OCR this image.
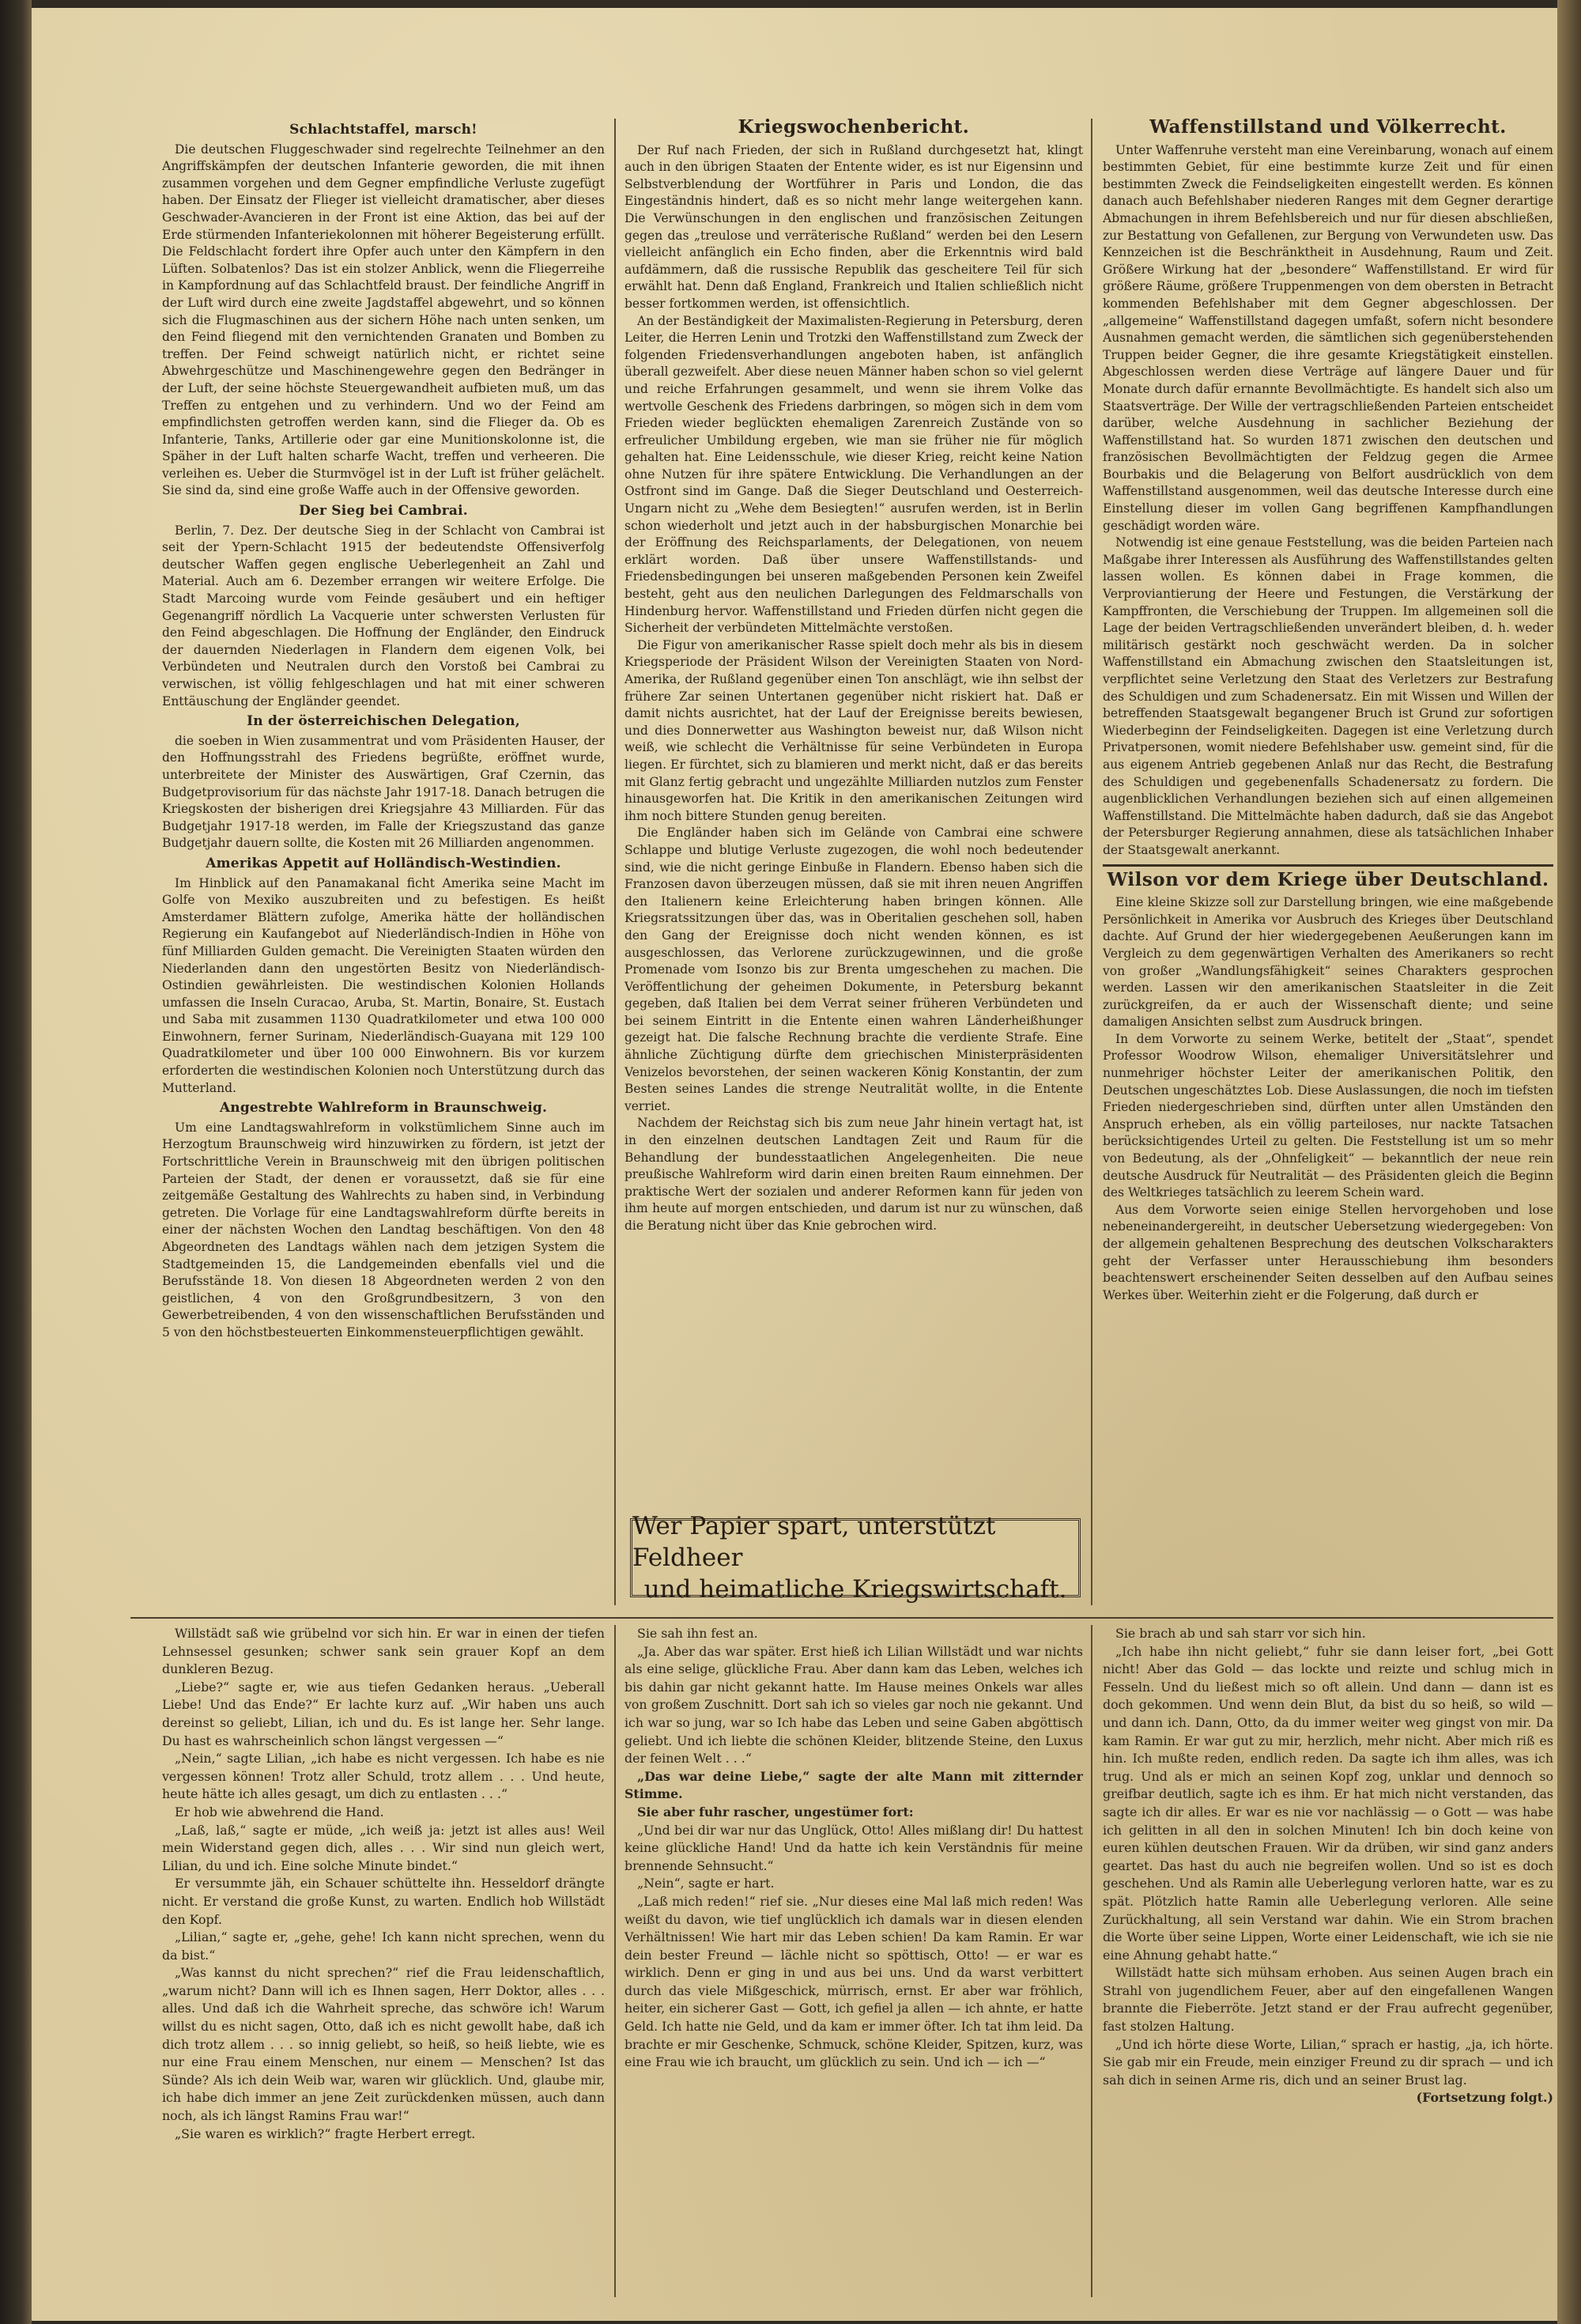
Schlachtstaffel, marsch!

Die deutschen Fluggeschwader sind regelrechte Teilnehmer an den Angriffskämpfen der deutschen Infanterie geworden, die mit ihnen zusammen vorgehen und dem Gegner empfindliche Verluste zugefügt haben. Der Einsatz der Flieger ist vielleicht dramatischer, aber dieses Geschwader-Avancieren in der Front ist eine Aktion, das bei auf der Erde stürmenden Infanteriekolonnen mit höherer Begeisterung erfüllt. Die Feldschlacht fordert ihre Opfer auch unter den Kämpfern in den Lüften. Solbatenlos? Das ist ein stolzer Anblick, wenn die Fliegerreihe in Kampfordnung auf das Schlachtfeld braust. Der feindliche Angriff in der Luft wird durch eine zweite Jagdstaffel abgewehrt, und so können sich die Flugmaschinen aus der sichern Höhe nach unten senken, um den Feind fliegend mit den vernichtenden Granaten und Bomben zu treffen. Der Feind schweigt natürlich nicht, er richtet seine Abwehrgeschütze und Maschinengewehre gegen den Bedränger in der Luft, der seine höchste Steuergewandheit aufbieten muß, um das Treffen zu entgehen und zu verhindern. Und wo der Feind am empfindlichsten getroffen werden kann, sind die Flieger da. Ob es Infanterie, Tanks, Artillerie oder gar eine Munitionskolonne ist, die Späher in der Luft halten scharfe Wacht, treffen und verheeren. Die verleihen es. Ueber die Sturmvögel ist in der Luft ist früher gelächelt. Sie sind da, sind eine große Waffe auch in der Offensive geworden.

Der Sieg bei Cambrai.

Berlin, 7. Dez. Der deutsche Sieg in der Schlacht von Cambrai ist seit der Ypern-Schlacht 1915 der bedeutendste Offensiverfolg deutscher Waffen gegen englische Ueberlegenheit an Zahl und Material. Auch am 6. Dezember errangen wir weitere Erfolge. Die Stadt Marcoing wurde vom Feinde gesäubert und ein heftiger Gegenangriff nördlich La Vacquerie unter schwersten Verlusten für den Feind abgeschlagen. Die Hoffnung der Engländer, den Eindruck der dauernden Niederlagen in Flandern dem eigenen Volk, bei Verbündeten und Neutralen durch den Vorstoß bei Cambrai zu verwischen, ist völlig fehlgeschlagen und hat mit einer schweren Enttäuschung der Engländer geendet.

In der österreichischen Delegation,

die soeben in Wien zusammentrat und vom Präsidenten Hauser, der den Hoffnungsstrahl des Friedens begrüßte, eröffnet wurde, unterbreitete der Minister des Auswärtigen, Graf Czernin, das Budgetprovisorium für das nächste Jahr 1917-18. Danach betrugen die Kriegskosten der bisherigen drei Kriegsjahre 43 Milliarden. Für das Budgetjahr 1917-18 werden, im Falle der Kriegszustand das ganze Budgetjahr dauern sollte, die Kosten mit 26 Milliarden angenommen.

Amerikas Appetit auf Holländisch-Westindien.

Im Hinblick auf den Panamakanal ficht Amerika seine Macht im Golfe von Mexiko auszubreiten und zu befestigen. Es heißt Amsterdamer Blättern zufolge, Amerika hätte der holländischen Regierung ein Kaufangebot auf Niederländisch-Indien in Höhe von fünf Milliarden Gulden gemacht. Die Vereinigten Staaten würden den Niederlanden dann den ungestörten Besitz von Niederländisch-Ostindien gewährleisten. Die westindischen Kolonien Hollands umfassen die Inseln Curacao, Aruba, St. Martin, Bonaire, St. Eustach und Saba mit zusammen 1130 Quadratkilometer und etwa 100 000 Einwohnern, ferner Surinam, Niederländisch-Guayana mit 129 100 Quadratkilometer und über 100 000 Einwohnern. Bis vor kurzem erforderten die westindischen Kolonien noch Unterstützung durch das Mutterland.

Angestrebte Wahlreform in Braunschweig.

Um eine Landtagswahlreform in volkstümlichem Sinne auch im Herzogtum Braunschweig wird hinzuwirken zu fördern, ist jetzt der Fortschrittliche Verein in Braunschweig mit den übrigen politischen Parteien der Stadt, der denen er voraussetzt, daß sie für eine zeitgemäße Gestaltung des Wahlrechts zu haben sind, in Verbindung getreten. Die Vorlage für eine Landtagswahlreform dürfte bereits in einer der nächsten Wochen den Landtag beschäftigen. Von den 48 Abgeordneten des Landtags wählen nach dem jetzigen System die Stadtgemeinden 15, die Landgemeinden ebenfalls viel und die Berufsstände 18. Von diesen 18 Abgeordneten werden 2 von den geistlichen, 4 von den Großgrundbesitzern, 3 von den Gewerbetreibenden, 4 von den wissenschaftlichen Berufsständen und 5 von den höchstbesteuerten Einkommensteuerpflichtigen gewählt.

Kriegswochenbericht.

Der Ruf nach Frieden, der sich in Rußland durchgesetzt hat, klingt auch in den übrigen Staaten der Entente wider, es ist nur Eigensinn und Selbstverblendung der Wortführer in Paris und London, die das Eingeständnis hindert, daß es so nicht mehr lange weitergehen kann. Die Verwünschungen in den englischen und französischen Zeitungen gegen das „treulose und verräterische Rußland“ werden bei den Lesern vielleicht anfänglich ein Echo finden, aber die Erkenntnis wird bald aufdämmern, daß die russische Republik das gescheitere Teil für sich erwählt hat. Denn daß England, Frankreich und Italien schließlich nicht besser fortkommen werden, ist offensichtlich.

An der Beständigkeit der Maximalisten-Regierung in Petersburg, deren Leiter, die Herren Lenin und Trotzki den Waffenstillstand zum Zweck der folgenden Friedensverhandlungen angeboten haben, ist anfänglich überall gezweifelt. Aber diese neuen Männer haben schon so viel gelernt und reiche Erfahrungen gesammelt, und wenn sie ihrem Volke das wertvolle Geschenk des Friedens darbringen, so mögen sich in dem vom Frieden wieder beglückten ehemaligen Zarenreich Zustände von so erfreulicher Umbildung ergeben, wie man sie früher nie für möglich gehalten hat. Eine Leidensschule, wie dieser Krieg, reicht keine Nation ohne Nutzen für ihre spätere Entwicklung. Die Verhandlungen an der Ostfront sind im Gange. Daß die Sieger Deutschland und Oesterreich-Ungarn nicht zu „Wehe dem Besiegten!“ ausrufen werden, ist in Berlin schon wiederholt und jetzt auch in der habsburgischen Monarchie bei der Eröffnung des Reichsparlaments, der Delegationen, von neuem erklärt worden. Daß über unsere Waffenstillstands- und Friedensbedingungen bei unseren maßgebenden Personen kein Zweifel besteht, geht aus den neulichen Darlegungen des Feldmarschalls von Hindenburg hervor. Waffenstillstand und Frieden dürfen nicht gegen die Sicherheit der verbündeten Mittelmächte verstoßen.

Die Figur von amerikanischer Rasse spielt doch mehr als bis in diesem Kriegsperiode der Präsident Wilson der Vereinigten Staaten von Nord-Amerika, der Rußland gegenüber einen Ton anschlägt, wie ihn selbst der frühere Zar seinen Untertanen gegenüber nicht riskiert hat. Daß er damit nichts ausrichtet, hat der Lauf der Ereignisse bereits bewiesen, und dies Donnerwetter aus Washington beweist nur, daß Wilson nicht weiß, wie schlecht die Verhältnisse für seine Verbündeten in Europa liegen. Er fürchtet, sich zu blamieren und merkt nicht, daß er das bereits mit Glanz fertig gebracht und ungezählte Milliarden nutzlos zum Fenster hinausgeworfen hat. Die Kritik in den amerikanischen Zeitungen wird ihm noch bittere Stunden genug bereiten.

Die Engländer haben sich im Gelände von Cambrai eine schwere Schlappe und blutige Verluste zugezogen, die wohl noch bedeutender sind, wie die nicht geringe Einbuße in Flandern. Ebenso haben sich die Franzosen davon überzeugen müssen, daß sie mit ihren neuen Angriffen den Italienern keine Erleichterung haben bringen können. Alle Kriegsratssitzungen über das, was in Oberitalien geschehen soll, haben den Gang der Ereignisse doch nicht wenden können, es ist ausgeschlossen, das Verlorene zurückzugewinnen, und die große Promenade vom Isonzo bis zur Brenta umgeschehen zu machen. Die Veröffentlichung der geheimen Dokumente, in Petersburg bekannt gegeben, daß Italien bei dem Verrat seiner früheren Verbündeten und bei seinem Eintritt in die Entente einen wahren Länderheißhunger gezeigt hat. Die falsche Rechnung brachte die verdiente Strafe. Eine ähnliche Züchtigung dürfte dem griechischen Ministerpräsidenten Venizelos bevorstehen, der seinen wackeren König Konstantin, der zum Besten seines Landes die strenge Neutralität wollte, in die Entente verriet.

Nachdem der Reichstag sich bis zum neue Jahr hinein vertagt hat, ist in den einzelnen deutschen Landtagen Zeit und Raum für die Behandlung der bundesstaatlichen Angelegenheiten. Die neue preußische Wahlreform wird darin einen breiten Raum einnehmen. Der praktische Wert der sozialen und anderer Reformen kann für jeden von ihm heute auf morgen entschieden, und darum ist nur zu wünschen, daß die Beratung nicht über das Knie gebrochen wird.

Wer Papier spart, unterstützt Feldheer
und heimatliche Kriegswirtschaft.
Waffenstillstand und Völkerrecht.

Unter Waffenruhe versteht man eine Vereinbarung, wonach auf einem bestimmten Gebiet, für eine bestimmte kurze Zeit und für einen bestimmten Zweck die Feindseligkeiten eingestellt werden. Es können danach auch Befehlshaber niederen Ranges mit dem Gegner derartige Abmachungen in ihrem Befehlsbereich und nur für diesen abschließen, zur Bestattung von Gefallenen, zur Bergung von Verwundeten usw. Das Kennzeichen ist die Beschränktheit in Ausdehnung, Raum und Zeit. Größere Wirkung hat der „besondere“ Waffenstillstand. Er wird für größere Räume, größere Truppenmengen von dem obersten in Betracht kommenden Befehlshaber mit dem Gegner abgeschlossen. Der „allgemeine“ Waffenstillstand dagegen umfaßt, sofern nicht besondere Ausnahmen gemacht werden, die sämtlichen sich gegenüberstehenden Truppen beider Gegner, die ihre gesamte Kriegstätigkeit einstellen. Abgeschlossen werden diese Verträge auf längere Dauer und für Monate durch dafür ernannte Bevollmächtigte. Es handelt sich also um Staatsverträge. Der Wille der vertragschließenden Parteien entscheidet darüber, welche Ausdehnung in sachlicher Beziehung der Waffenstillstand hat. So wurden 1871 zwischen den deutschen und französischen Bevollmächtigten der Feldzug gegen die Armee Bourbakis und die Belagerung von Belfort ausdrücklich von dem Waffenstillstand ausgenommen, weil das deutsche Interesse durch eine Einstellung dieser im vollen Gang begriffenen Kampfhandlungen geschädigt worden wäre.

Notwendig ist eine genaue Feststellung, was die beiden Parteien nach Maßgabe ihrer Interessen als Ausführung des Waffenstillstandes gelten lassen wollen. Es können dabei in Frage kommen, die Verproviantierung der Heere und Festungen, die Verstärkung der Kampffronten, die Verschiebung der Truppen. Im allgemeinen soll die Lage der beiden Vertragschließenden unverändert bleiben, d. h. weder militärisch gestärkt noch geschwächt werden. Da in solcher Waffenstillstand ein Abmachung zwischen den Staatsleitungen ist, verpflichtet seine Verletzung den Staat des Verletzers zur Bestrafung des Schuldigen und zum Schadenersatz. Ein mit Wissen und Willen der betreffenden Staatsgewalt begangener Bruch ist Grund zur sofortigen Wiederbeginn der Feindseligkeiten. Dagegen ist eine Verletzung durch Privatpersonen, womit niedere Befehlshaber usw. gemeint sind, für die aus eigenem Antrieb gegebenen Anlaß nur das Recht, die Bestrafung des Schuldigen und gegebenenfalls Schadenersatz zu fordern. Die augenblicklichen Verhandlungen beziehen sich auf einen allgemeinen Waffenstillstand. Die Mittelmächte haben dadurch, daß sie das Angebot der Petersburger Regierung annahmen, diese als tatsächlichen Inhaber der Staatsgewalt anerkannt.

Wilson vor dem Kriege über Deutschland.

Eine kleine Skizze soll zur Darstellung bringen, wie eine maßgebende Persönlichkeit in Amerika vor Ausbruch des Krieges über Deutschland dachte. Auf Grund der hier wiedergegebenen Aeußerungen kann im Vergleich zu dem gegenwärtigen Verhalten des Amerikaners so recht von großer „Wandlungsfähigkeit“ seines Charakters gesprochen werden. Lassen wir den amerikanischen Staatsleiter in die Zeit zurückgreifen, da er auch der Wissenschaft diente; und seine damaligen Ansichten selbst zum Ausdruck bringen.

In dem Vorworte zu seinem Werke, betitelt der „Staat“, spendet Professor Woodrow Wilson, ehemaliger Universitätslehrer und nunmehriger höchster Leiter der amerikanischen Politik, den Deutschen ungeschätztes Lob. Diese Auslassungen, die noch im tiefsten Frieden niedergeschrieben sind, dürften unter allen Umständen den Anspruch erheben, als ein völlig parteiloses, nur nackte Tatsachen berücksichtigendes Urteil zu gelten. Die Feststellung ist um so mehr von Bedeutung, als der „Ohnfeligkeit“ — bekanntlich der neue rein deutsche Ausdruck für Neutralität — des Präsidenten gleich die Beginn des Weltkrieges tatsächlich zu leerem Schein ward.

Aus dem Vorworte seien einige Stellen hervorgehoben und lose nebeneinandergereiht, in deutscher Uebersetzung wiedergegeben: Von der allgemein gehaltenen Besprechung des deutschen Volkscharakters geht der Verfasser unter Herausschiebung ihm besonders beachtenswert erscheinender Seiten desselben auf den Aufbau seines Werkes über. Weiterhin zieht er die Folgerung, daß durch er

Willstädt saß wie grübelnd vor sich hin. Er war in einen der tiefen Lehnsessel gesunken; schwer sank sein grauer Kopf an dem dunkleren Bezug.

„Liebe?“ sagte er, wie aus tiefen Gedanken heraus. „Ueberall Liebe! Und das Ende?“ Er lachte kurz auf. „Wir haben uns auch dereinst so geliebt, Lilian, ich und du. Es ist lange her. Sehr lange. Du hast es wahrscheinlich schon längst vergessen —“

„Nein,“ sagte Lilian, „ich habe es nicht vergessen. Ich habe es nie vergessen können! Trotz aller Schuld, trotz allem . . . Und heute, heute hätte ich alles gesagt, um dich zu entlasten . . .“

Er hob wie abwehrend die Hand.

„Laß, laß,“ sagte er müde, „ich weiß ja: jetzt ist alles aus! Weil mein Widerstand gegen dich, alles . . . Wir sind nun gleich wert, Lilian, du und ich. Eine solche Minute bindet.“

Er versummte jäh, ein Schauer schüttelte ihn. Hesseldorf drängte nicht. Er verstand die große Kunst, zu warten. Endlich hob Willstädt den Kopf.

„Lilian,“ sagte er, „gehe, gehe! Ich kann nicht sprechen, wenn du da bist.“

„Was kannst du nicht sprechen?“ rief die Frau leidenschaftlich, „warum nicht? Dann will ich es Ihnen sagen, Herr Doktor, alles . . . alles. Und daß ich die Wahrheit spreche, das schwöre ich! Warum willst du es nicht sagen, Otto, daß ich es nicht gewollt habe, daß ich dich trotz allem . . . so innig geliebt, so heiß, so heiß liebte, wie es nur eine Frau einem Menschen, nur einem — Menschen? Ist das Sünde? Als ich dein Weib war, waren wir glücklich. Und, glaube mir, ich habe dich immer an jene Zeit zurückdenken müssen, auch dann noch, als ich längst Ramins Frau war!“

„Sie waren es wirklich?“ fragte Herbert erregt.

Sie sah ihn fest an.

„Ja. Aber das war später. Erst hieß ich Lilian Willstädt und war nichts als eine selige, glückliche Frau. Aber dann kam das Leben, welches ich bis dahin gar nicht gekannt hatte. Im Hause meines Onkels war alles von großem Zuschnitt. Dort sah ich so vieles gar noch nie gekannt. Und ich war so jung, war so Ich habe das Leben und seine Gaben abgöttisch geliebt. Und ich liebte die schönen Kleider, blitzende Steine, den Luxus der feinen Welt . . .“

„Das war deine Liebe,“ sagte der alte Mann mit zitternder Stimme.

Sie aber fuhr rascher, ungestümer fort:

„Und bei dir war nur das Unglück, Otto! Alles mißlang dir! Du hattest keine glückliche Hand! Und da hatte ich kein Verständnis für meine brennende Sehnsucht.“

„Nein“, sagte er hart.

„Laß mich reden!“ rief sie. „Nur dieses eine Mal laß mich reden! Was weißt du davon, wie tief unglücklich ich damals war in diesen elenden Verhältnissen! Wie hart mir das Leben schien! Da kam Ramin. Er war dein bester Freund — lächle nicht so spöttisch, Otto! — er war es wirklich. Denn er ging in und aus bei uns. Und da warst verbittert durch das viele Mißgeschick, mürrisch, ernst. Er aber war fröhlich, heiter, ein sicherer Gast — Gott, ich gefiel ja allen — ich ahnte, er hatte Geld. Ich hatte nie Geld, und da kam er immer öfter. Ich tat ihm leid. Da brachte er mir Geschenke, Schmuck, schöne Kleider, Spitzen, kurz, was eine Frau wie ich braucht, um glücklich zu sein. Und ich — ich —“

Sie brach ab und sah starr vor sich hin.

„Ich habe ihn nicht geliebt,“ fuhr sie dann leiser fort, „bei Gott nicht! Aber das Gold — das lockte und reizte und schlug mich in Fesseln. Und du ließest mich so oft allein. Und dann — dann ist es doch gekommen. Und wenn dein Blut, da bist du so heiß, so wild — und dann ich. Dann, Otto, da du immer weiter weg gingst von mir. Da kam Ramin. Er war gut zu mir, herzlich, mehr nicht. Aber mich riß es hin. Ich mußte reden, endlich reden. Da sagte ich ihm alles, was ich trug. Und als er mich an seinen Kopf zog, unklar und dennoch so greifbar deutlich, sagte ich es ihm. Er hat mich nicht verstanden, das sagte ich dir alles. Er war es nie vor nachlässig — o Gott — was habe ich gelitten in all den in solchen Minuten! Ich bin doch keine von euren kühlen deutschen Frauen. Wir da drüben, wir sind ganz anders geartet. Das hast du auch nie begreifen wollen. Und so ist es doch geschehen. Und als Ramin alle Ueberlegung verloren hatte, war es zu spät. Plötzlich hatte Ramin alle Ueberlegung verloren. Alle seine Zurückhaltung, all sein Verstand war dahin. Wie ein Strom brachen die Worte über seine Lippen, Worte einer Leidenschaft, wie ich sie nie eine Ahnung gehabt hatte.“

Willstädt hatte sich mühsam erhoben. Aus seinen Augen brach ein Strahl von jugendlichem Feuer, aber auf den eingefallenen Wangen brannte die Fieberröte. Jetzt stand er der Frau aufrecht gegenüber, fast stolzen Haltung.

„Und ich hörte diese Worte, Lilian,“ sprach er hastig, „ja, ich hörte. Sie gab mir ein Freude, mein einziger Freund zu dir sprach — und ich sah dich in seinen Arme ris, dich und an seiner Brust lag.

(Fortsetzung folgt.)
